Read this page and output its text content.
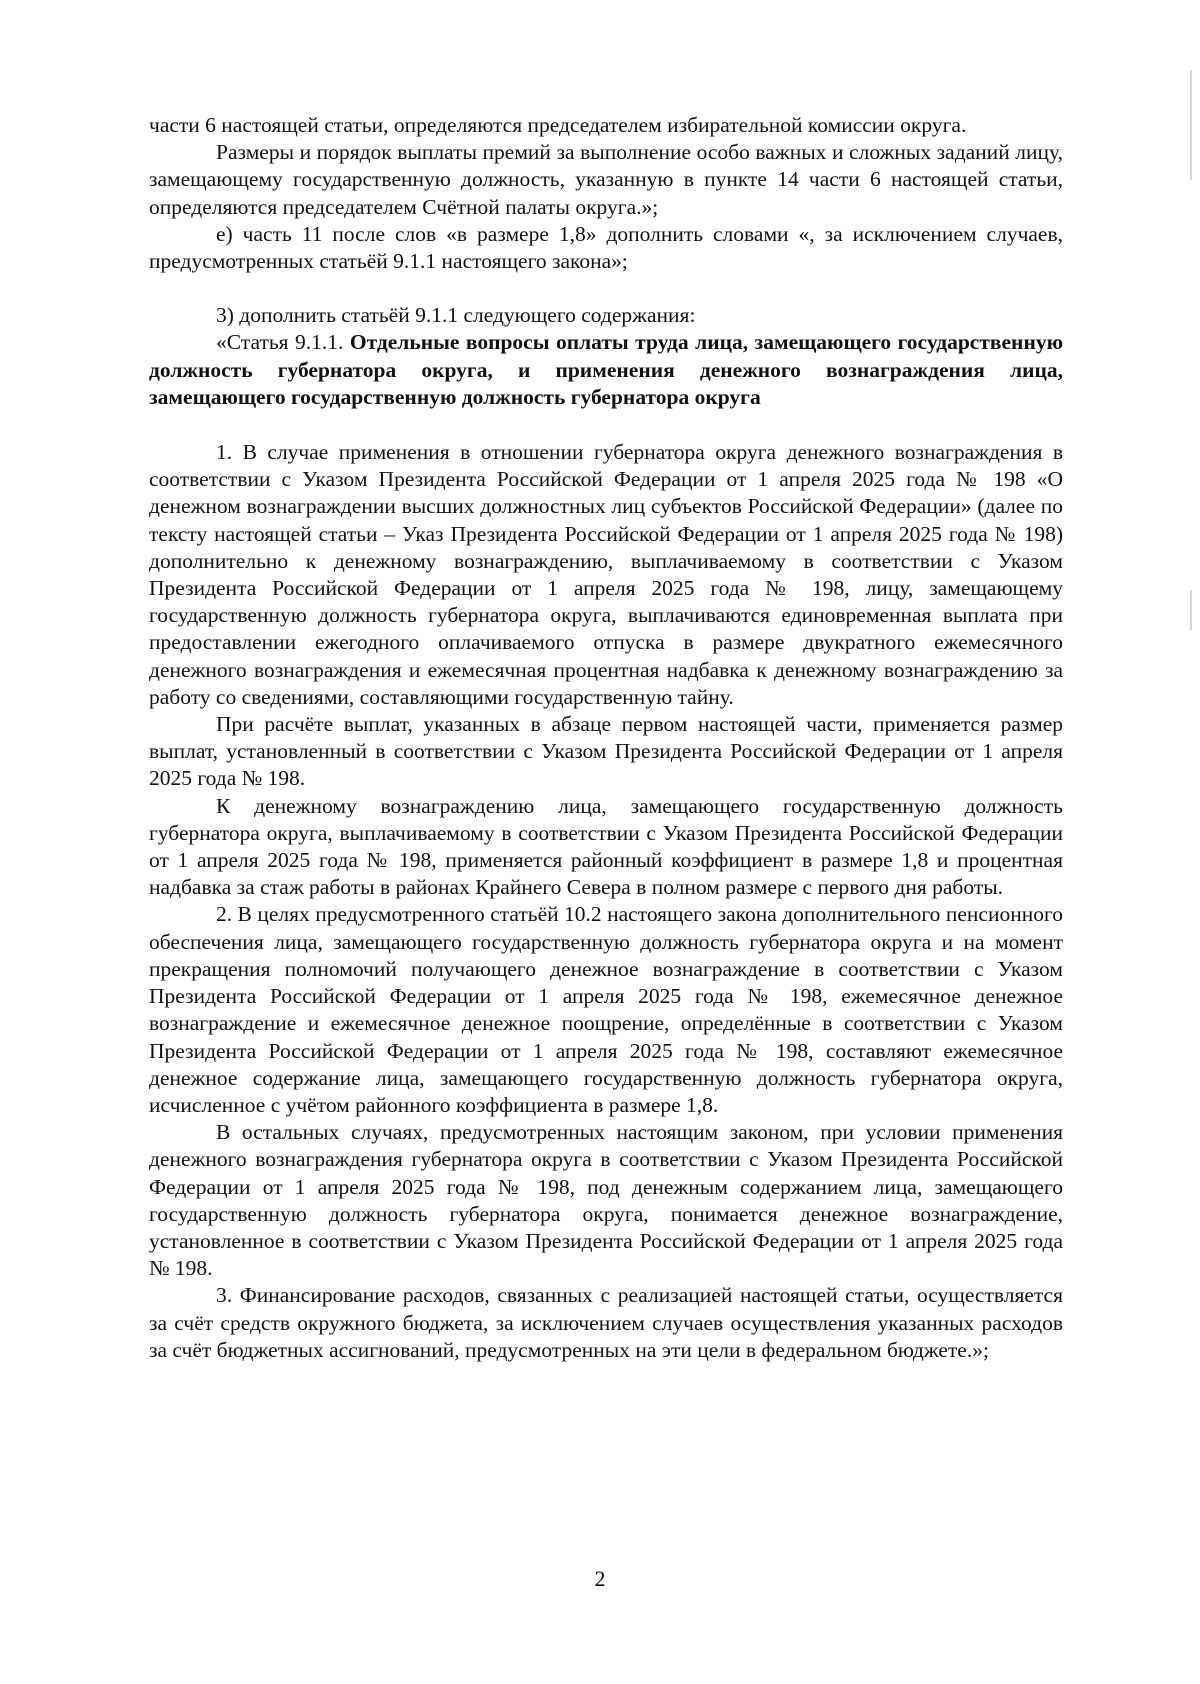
части 6 настоящей статьи, определяются председателем избирательной комиссии округа.

Размеры и порядок выплаты премий за выполнение особо важных и сложных заданий лицу, замещающему государственную должность, указанную в пункте 14 части 6 настоящей статьи, определяются председателем Счётной палаты округа.»;

е) часть 11 после слов «в размере 1,8» дополнить словами «, за исключением случаев, предусмотренных статьёй 9.1.1 настоящего закона»;

3) дополнить статьёй 9.1.1 следующего содержания:

«Статья 9.1.1. Отдельные вопросы оплаты труда лица, замещающего государственную должность губернатора округа, и применения денежного вознаграждения лица, замещающего государственную должность губернатора округа

1. В случае применения в отношении губернатора округа денежного вознаграждения в соответствии с Указом Президента Российской Федерации от 1 апреля 2025 года № 198 «О денежном вознаграждении высших должностных лиц субъектов Российской Федерации» (далее по тексту настоящей статьи – Указ Президента Российской Федерации от 1 апреля 2025 года № 198) дополнительно к денежному вознаграждению, выплачиваемому в соответствии с Указом Президента Российской Федерации от 1 апреля 2025 года № 198, лицу, замещающему государственную должность губернатора округа, выплачиваются единовременная выплата при предоставлении ежегодного оплачиваемого отпуска в размере двукратного ежемесячного денежного вознаграждения и ежемесячная процентная надбавка к денежному вознаграждению за работу со сведениями, составляющими государственную тайну.

При расчёте выплат, указанных в абзаце первом настоящей части, применяется размер выплат, установленный в соответствии с Указом Президента Российской Федерации от 1 апреля 2025 года № 198.

К денежному вознаграждению лица, замещающего государственную должность губернатора округа, выплачиваемому в соответствии с Указом Президента Российской Федерации от 1 апреля 2025 года № 198, применяется районный коэффициент в размере 1,8 и процентная надбавка за стаж работы в районах Крайнего Севера в полном размере с первого дня работы.

2. В целях предусмотренного статьёй 10.2 настоящего закона дополнительного пенсионного обеспечения лица, замещающего государственную должность губернатора округа и на момент прекращения полномочий получающего денежное вознаграждение в соответствии с Указом Президента Российской Федерации от 1 апреля 2025 года № 198, ежемесячное денежное вознаграждение и ежемесячное денежное поощрение, определённые в соответствии с Указом Президента Российской Федерации от 1 апреля 2025 года № 198, составляют ежемесячное денежное содержание лица, замещающего государственную должность губернатора округа, исчисленное с учётом районного коэффициента в размере 1,8.

В остальных случаях, предусмотренных настоящим законом, при условии применения денежного вознаграждения губернатора округа в соответствии с Указом Президента Российской Федерации от 1 апреля 2025 года № 198, под денежным содержанием лица, замещающего государственную должность губернатора округа, понимается денежное вознаграждение, установленное в соответствии с Указом Президента Российской Федерации от 1 апреля 2025 года № 198.

3. Финансирование расходов, связанных с реализацией настоящей статьи, осуществляется за счёт средств окружного бюджета, за исключением случаев осуществления указанных расходов за счёт бюджетных ассигнований, предусмотренных на эти цели в федеральном бюджете.»;

2
